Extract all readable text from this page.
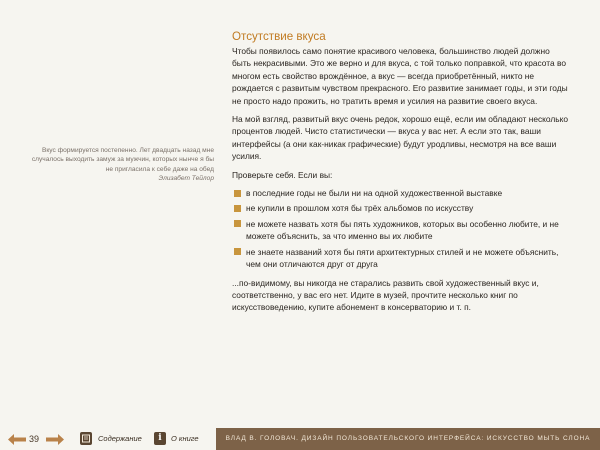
Вкус формируется постепенно. Лет двадцать назад мне случалось выходить замуж за мужчин, которых нынче я бы не пригласила к себе даже на обед
Элизабет Тейлор
Отсутствие вкуса

Чтобы появилось само понятие красивого человека, большинство людей должно быть некрасивыми. Это же верно и для вкуса, с той только поправкой, что красота во многом есть свойство врождённое, а вкус — всегда приобретённый, никто не рождается с развитым чувством прекрасного. Его развитие занимает годы, и эти годы не просто надо прожить, но тратить время и усилия на развитие своего вкуса.

На мой взгляд, развитый вкус очень редок, хорошо ещё, если им обладают несколько процентов людей. Чисто статистически — вкуса у вас нет. А если это так, ваши интерфейсы (а они как-никак графические) будут уродливы, несмотря на все ваши усилия.

Проверьте себя. Если вы:

в последние годы не были ни на одной художественной выставке
не купили в прошлом хотя бы трёх альбомов по искусству
не можете назвать хотя бы пять художников, которых вы особенно любите, и не можете объяснить, за что именно вы их любите
не знаете названий хотя бы пяти архитектурных стилей и не можете объяснить, чем они отличаются друг от друга

...по-видимому, вы никогда не старались развить свой художественный вкус и, соответственно, у вас его нет. Идите в музей, прочтите несколько книг по искусствоведению, купите абонемент в консерваторию и т. п.

39	Содержание	i	О книге	ВЛАД В. ГОЛОВАЧ. ДИЗАЙН ПОЛЬЗОВАТЕЛЬСКОГО ИНТЕРФЕЙСА: ИСКУССТВО МЫТЬ СЛОНА
